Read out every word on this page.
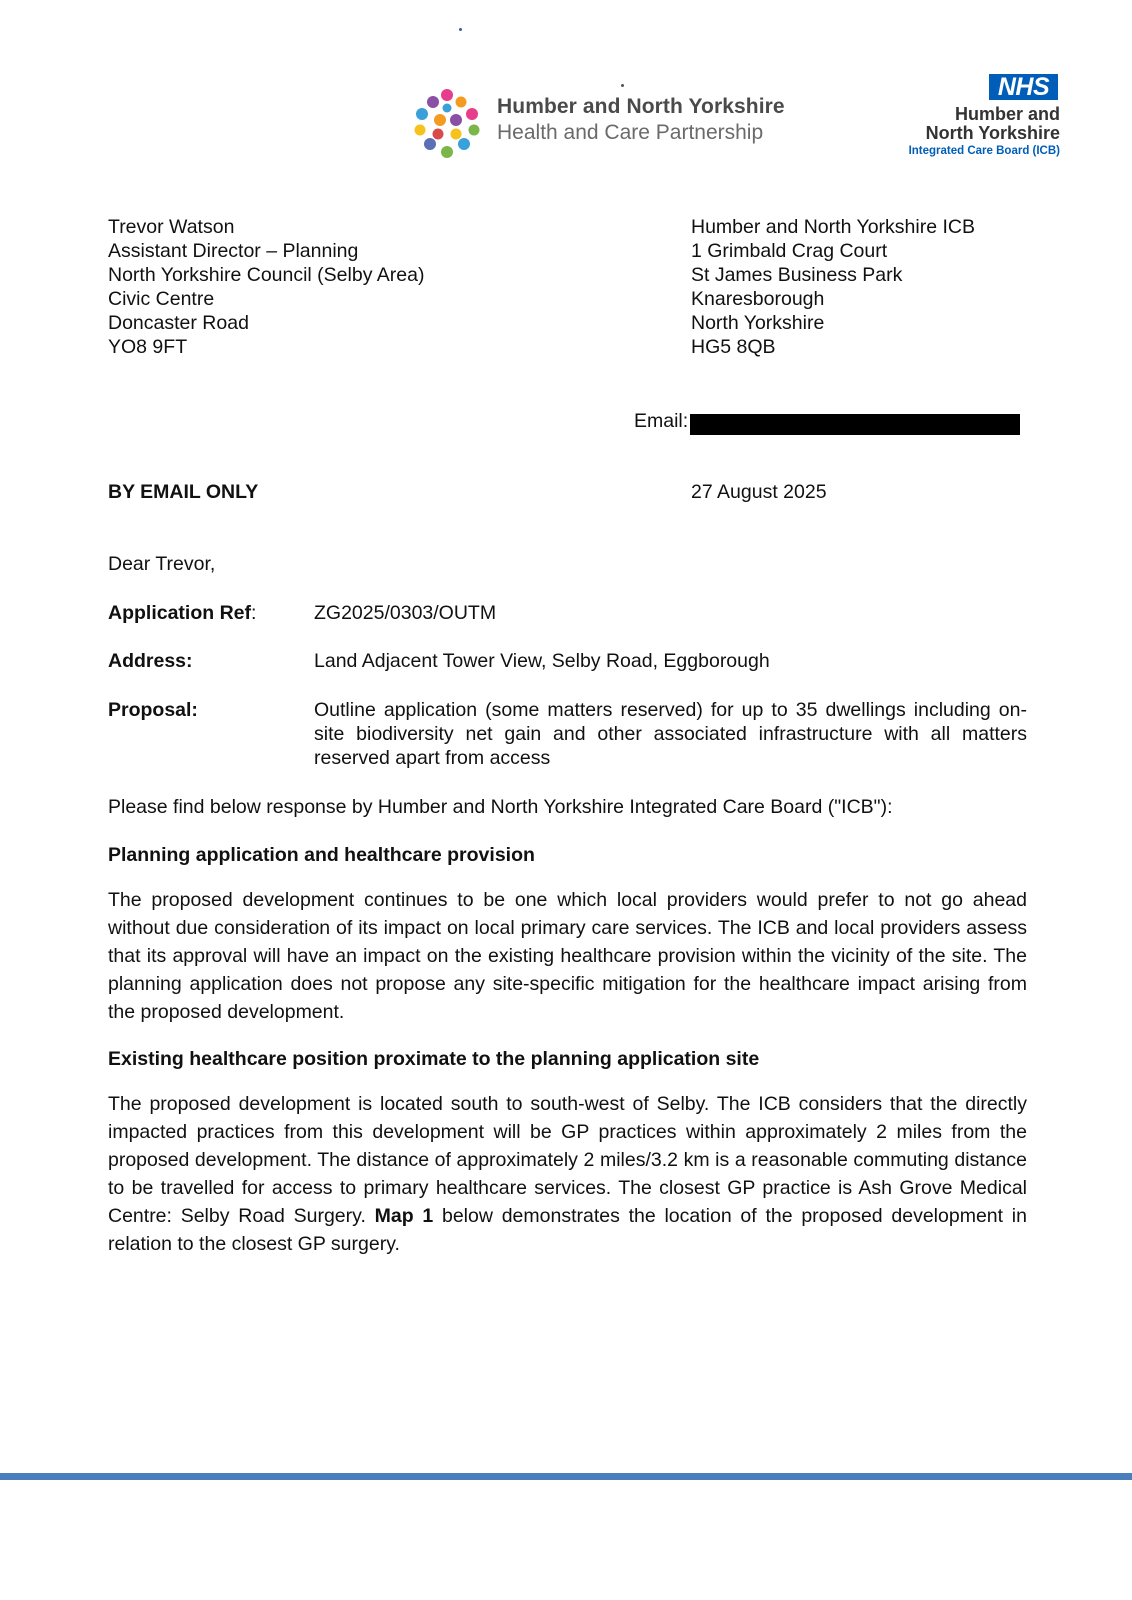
Humber and North Yorkshire
Health and Care Partnership
NHS
Humber and
North Yorkshire
Integrated Care Board (ICB)
Trevor Watson
Assistant Director – Planning
North Yorkshire Council (Selby Area)
Civic Centre
Doncaster Road
YO8 9FT
Humber and North Yorkshire ICB
1 Grimbald Crag Court
St James Business Park
Knaresborough
North Yorkshire
HG5 8QB
Email:
BY EMAIL ONLY	27 August 2025
Dear Trevor,
Application Ref:	ZG2025/0303/OUTM
Address:	Land Adjacent Tower View, Selby Road, Eggborough
Proposal:	Outline application (some matters reserved) for up to 35 dwellings including on-site biodiversity net gain and other associated infrastructure with all matters reserved apart from access
Please find below response by Humber and North Yorkshire Integrated Care Board ("ICB"):
Planning application and healthcare provision
The proposed development continues to be one which local providers would prefer to not go ahead without due consideration of its impact on local primary care services. The ICB and local providers assess that its approval will have an impact on the existing healthcare provision within the vicinity of the site. The planning application does not propose any site-specific mitigation for the healthcare impact arising from the proposed development.
Existing healthcare position proximate to the planning application site
The proposed development is located south to south-west of Selby. The ICB considers that the directly impacted practices from this development will be GP practices within approximately 2 miles from the proposed development. The distance of approximately 2 miles/3.2 km is a reasonable commuting distance to be travelled for access to primary healthcare services. The closest GP practice is Ash Grove Medical Centre: Selby Road Surgery. Map 1 below demonstrates the location of the proposed development in relation to the closest GP surgery.
